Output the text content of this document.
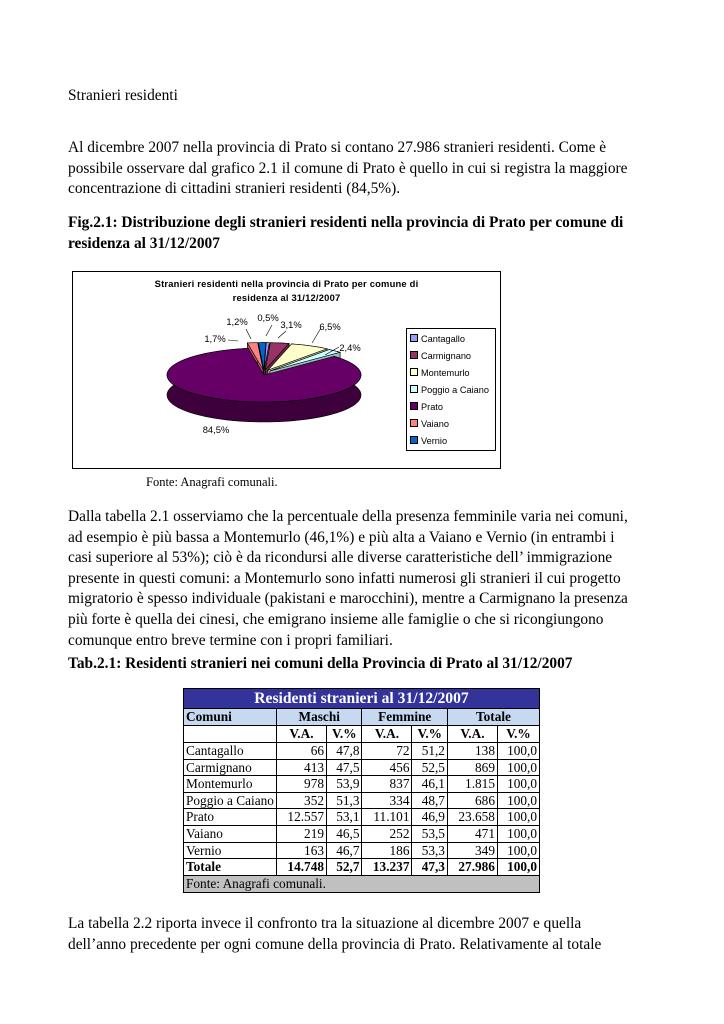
Stranieri residenti
Al dicembre 2007 nella provincia di Prato si contano 27.986 stranieri residenti. Come è
possibile osservare dal grafico 2.1 il comune di Prato è quello in cui si registra la maggiore
concentrazione di cittadini stranieri residenti (84,5%).
Fig.2.1: Distribuzione degli stranieri residenti nella provincia di Prato per comune di
residenza al 31/12/2007
Stranieri residenti nella provincia di Prato per comune di
residenza al 31/12/2007
0,5%
3,1% 6,5%
2,4%
84,5%
1,7%
1,2%
Cantagallo
Carmignano
Montemurlo
Poggio a Caiano
Prato
Vaiano
Vernio
Fonte: Anagrafi comunali.
Dalla tabella 2.1 osserviamo che la percentuale della presenza femminile varia nei comuni,
ad esempio è più bassa a Montemurlo (46,1%) e più alta a Vaiano e Vernio (in entrambi i
casi superiore al 53%); ciò è da ricondursi alle diverse caratteristiche dell’ immigrazione
presente in questi comuni: a Montemurlo sono infatti numerosi gli stranieri il cui progetto
migratorio è spesso individuale (pakistani e marocchini), mentre a Carmignano la presenza
più forte è quella dei cinesi, che emigrano insieme alle famiglie o che si ricongiungono
comunque entro breve termine con i propri familiari.
Tab.2.1: Residenti stranieri nei comuni della Provincia di Prato al 31/12/2007
Residenti stranieri al 31/12/2007						
Comuni	Maschi		Femmine		Totale	
	V.A.	V.%	V.A.	V.%	V.A.	V.%
Cantagallo	66	47,8	72	51,2	138	100,0
Carmignano	413	47,5	456	52,5	869	100,0
Montemurlo	978	53,9	837	46,1	1.815	100,0
Poggio a Caiano	352	51,3	334	48,7	686	100,0
Prato	12.557	53,1	11.101	46,9	23.658	100,0
Vaiano	219	46,5	252	53,5	471	100,0
Vernio	163	46,7	186	53,3	349	100,0
Totale	14.748	52,7	13.237	47,3	27.986	100,0
Fonte: Anagrafi comunali.						
La tabella 2.2 riporta invece il confronto tra la situazione al dicembre 2007 e quella
dell’anno precedente per ogni comune della provincia di Prato. Relativamente al totale
